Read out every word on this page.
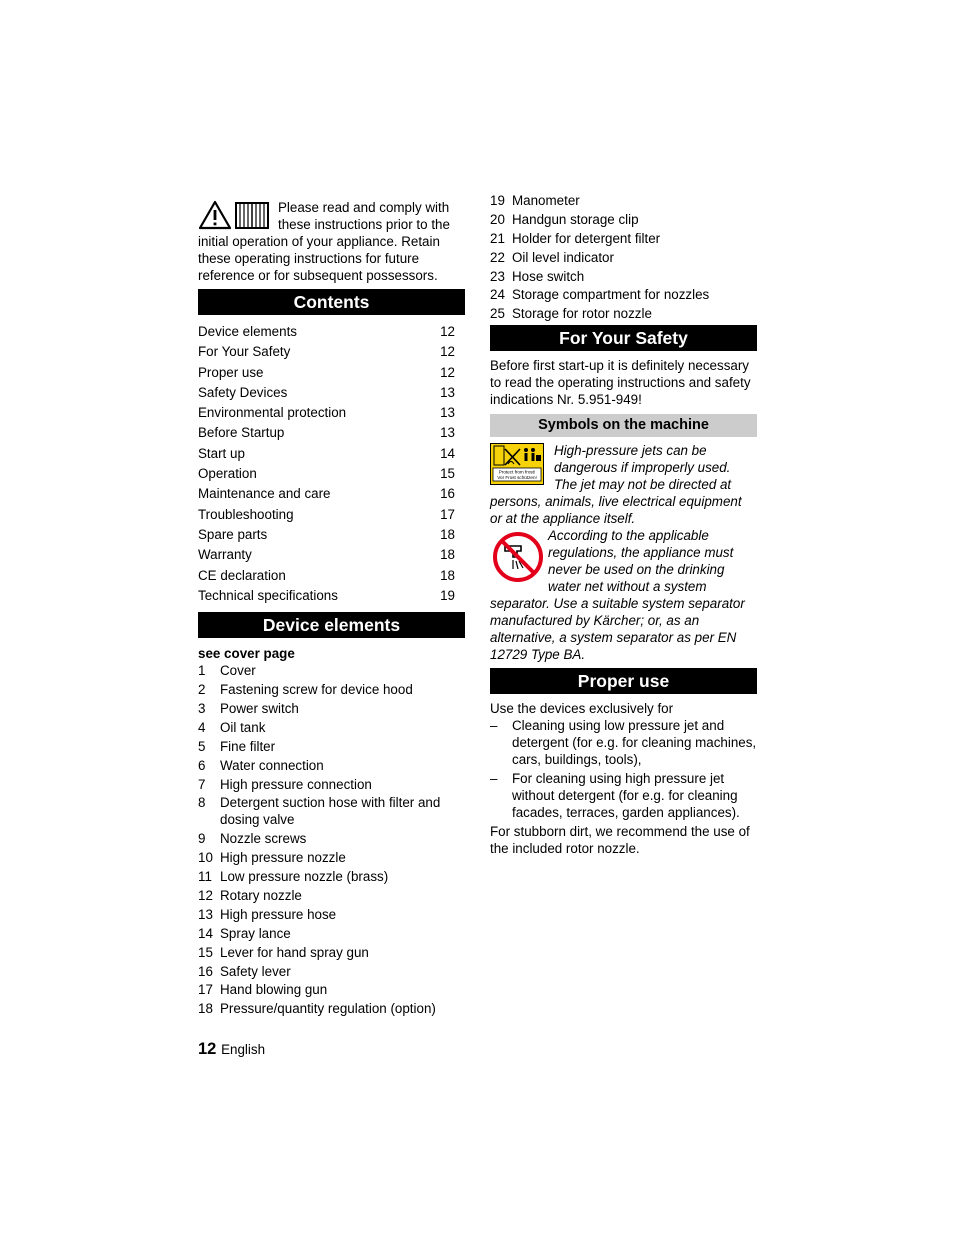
Please read and comply with these instructions prior to the initial operation of your appliance. Retain these operating instructions for future reference or for subsequent possessors.

Contents
Device elements	12
For Your Safety	12
Proper use	12
Safety Devices	13
Environmental protection	13
Before Startup	13
Start up	14
Operation	15
Maintenance and care	16
Troubleshooting	17
Spare parts	18
Warranty	18
CE declaration	18
Technical specifications	19
Device elements

see cover page

1	Cover
2	Fastening screw for device hood
3	Power switch
4	Oil tank
5	Fine filter
6	Water connection
7	High pressure connection
8	Detergent suction hose with filter and dosing valve
9	Nozzle screws
10 High pressure nozzle
11 Low pressure nozzle (brass)
12 Rotary nozzle
13 High pressure hose
14 Spray lance
15 Lever for hand spray gun
16 Safety lever
17 Hand blowing gun
18 Pressure/quantity regulation (option)
19 Manometer
20 Handgun storage clip
21 Holder for detergent filter
22 Oil level indicator
23 Hose switch
24 Storage compartment for nozzles
25 Storage for rotor nozzle
For Your Safety

Before first start-up it is definitely necessary to read the operating instructions and safety indications Nr. 5.951-949!

Symbols on the machine
Protect from frost!
Vor Frost schützen!

High-pressure jets can be dangerous if improperly used. The jet may not be directed at persons, animals, live electrical equipment or at the appliance itself.

According to the applicable regulations, the appliance must never be used on the drinking water net without a system separator. Use a suitable system separator manufactured by Kärcher; or, as an alternative, a system separator as per EN 12729 Type BA.

Proper use

Use the devices exclusively for

–	Cleaning using low pressure jet and detergent (for e.g. for cleaning machines, cars, buildings, tools),
–	For cleaning using high pressure jet without detergent (for e.g. for cleaning facades, terraces, garden appliances).

For stubborn dirt, we recommend the use of the included rotor nozzle.

12 English
